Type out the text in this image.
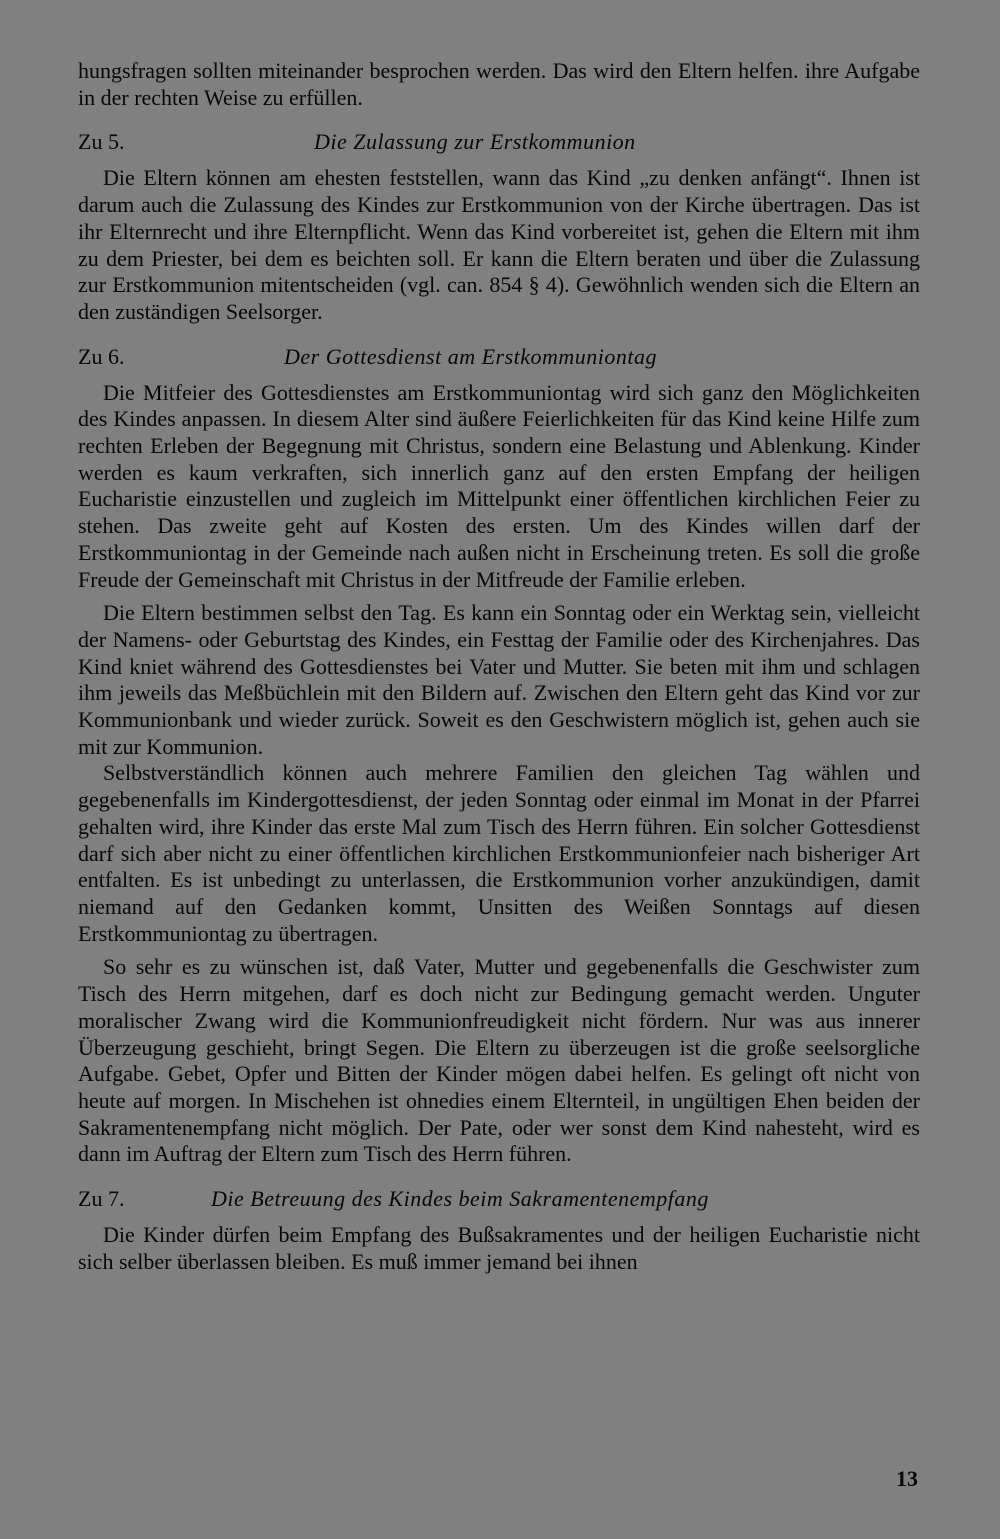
hungsfragen sollten miteinander besprochen werden. Das wird den Eltern helfen. ihre Aufgabe in der rechten Weise zu erfüllen.

Zu 5.	Die Zulassung zur Erstkommunion

Die Eltern können am ehesten feststellen, wann das Kind „zu denken anfängt“. Ihnen ist darum auch die Zulassung des Kindes zur Erstkommunion von der Kirche übertragen. Das ist ihr Elternrecht und ihre Elternpflicht. Wenn das Kind vorbereitet ist, gehen die Eltern mit ihm zu dem Priester, bei dem es beichten soll. Er kann die Eltern beraten und über die Zulassung zur Erstkommunion mitentscheiden (vgl. can. 854 § 4). Gewöhnlich wenden sich die Eltern an den zuständigen Seelsorger.

Zu 6.	Der Gottesdienst am Erstkommuniontag

Die Mitfeier des Gottesdienstes am Erstkommuniontag wird sich ganz den Möglichkeiten des Kindes anpassen. In diesem Alter sind äußere Feierlichkeiten für das Kind keine Hilfe zum rechten Erleben der Begegnung mit Christus, sondern eine Belastung und Ablenkung. Kinder werden es kaum verkraften, sich innerlich ganz auf den ersten Empfang der heiligen Eucharistie einzustellen und zugleich im Mittelpunkt einer öffentlichen kirchlichen Feier zu stehen. Das zweite geht auf Kosten des ersten. Um des Kindes willen darf der Erstkommuniontag in der Gemeinde nach außen nicht in Erscheinung treten. Es soll die große Freude der Gemeinschaft mit Christus in der Mitfreude der Familie erleben.

Die Eltern bestimmen selbst den Tag. Es kann ein Sonntag oder ein Werktag sein, vielleicht der Namens- oder Geburtstag des Kindes, ein Festtag der Familie oder des Kirchenjahres. Das Kind kniet während des Gottesdienstes bei Vater und Mutter. Sie beten mit ihm und schlagen ihm jeweils das Meßbüchlein mit den Bildern auf. Zwischen den Eltern geht das Kind vor zur Kommunionbank und wieder zurück. Soweit es den Geschwistern möglich ist, gehen auch sie mit zur Kommunion.

Selbstverständlich können auch mehrere Familien den gleichen Tag wählen und gegebenenfalls im Kindergottesdienst, der jeden Sonntag oder einmal im Monat in der Pfarrei gehalten wird, ihre Kinder das erste Mal zum Tisch des Herrn führen. Ein solcher Gottesdienst darf sich aber nicht zu einer öffentlichen kirchlichen Erstkommunionfeier nach bisheriger Art entfalten. Es ist unbedingt zu unterlassen, die Erstkommunion vorher anzukündigen, damit niemand auf den Gedanken kommt, Unsitten des Weißen Sonntags auf diesen Erstkommuniontag zu übertragen.

So sehr es zu wünschen ist, daß Vater, Mutter und gegebenenfalls die Geschwister zum Tisch des Herrn mitgehen, darf es doch nicht zur Bedingung gemacht werden. Unguter moralischer Zwang wird die Kommunionfreudigkeit nicht fördern. Nur was aus innerer Überzeugung geschieht, bringt Segen. Die Eltern zu überzeugen ist die große seelsorgliche Aufgabe. Gebet, Opfer und Bitten der Kinder mögen dabei helfen. Es gelingt oft nicht von heute auf morgen. In Mischehen ist ohnedies einem Elternteil, in ungültigen Ehen beiden der Sakramentenempfang nicht möglich. Der Pate, oder wer sonst dem Kind nahesteht, wird es dann im Auftrag der Eltern zum Tisch des Herrn führen.

Zu 7.	Die Betreuung des Kindes beim Sakramentenempfang

Die Kinder dürfen beim Empfang des Bußsakramentes und der heiligen Eucharistie nicht sich selber überlassen bleiben. Es muß immer jemand bei ihnen

13
